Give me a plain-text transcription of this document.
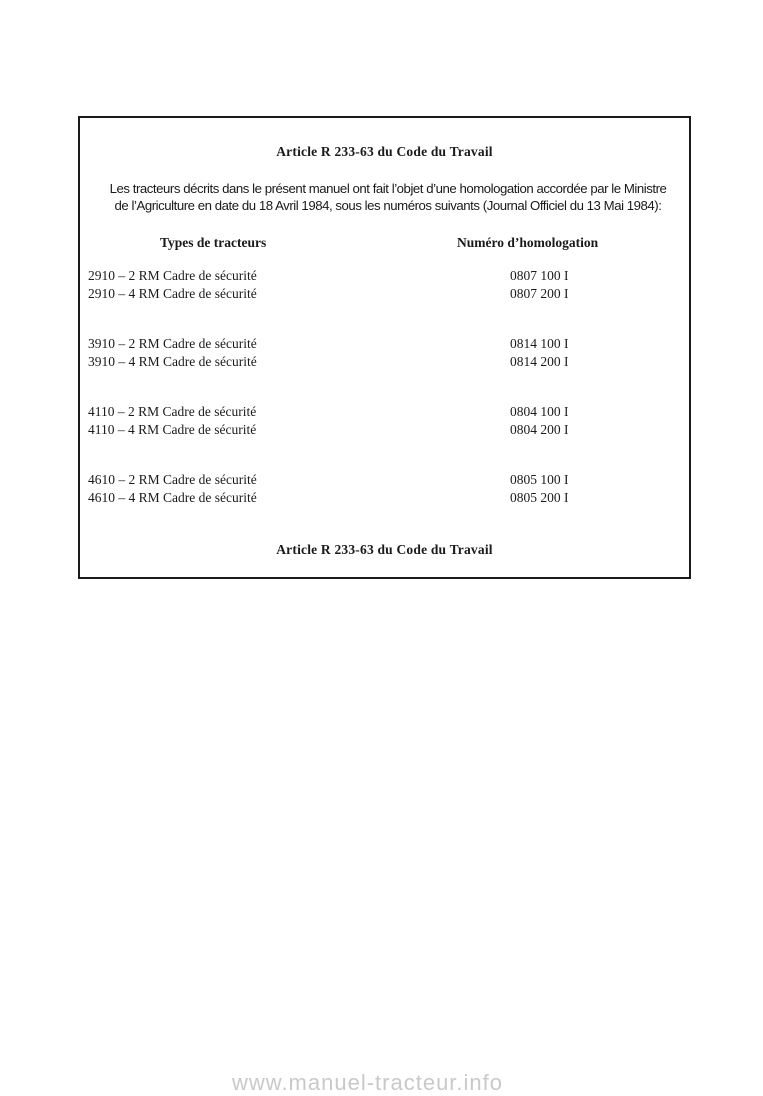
Article R 233-63 du Code du Travail
Les tracteurs décrits dans le présent manuel ont fait l’objet d’une homologation accordée par le Ministre
de l’Agriculture en date du 18 Avril 1984, sous les numéros suivants (Journal Officiel du 13 Mai 1984):
Types de tracteurs	Numéro d’homologation
2910 – 2 RM Cadre de sécurité	0807 100 I
2910 – 4 RM Cadre de sécurité	0807 200 I
3910 – 2 RM Cadre de sécurité	0814 100 I
3910 – 4 RM Cadre de sécurité	0814 200 I
4110 – 2 RM Cadre de sécurité	0804 100 I
4110 – 4 RM Cadre de sécurité	0804 200 I
4610 – 2 RM Cadre de sécurité	0805 100 I
4610 – 4 RM Cadre de sécurité	0805 200 I
Article R 233-63 du Code du Travail
www.manuel-tracteur.info
